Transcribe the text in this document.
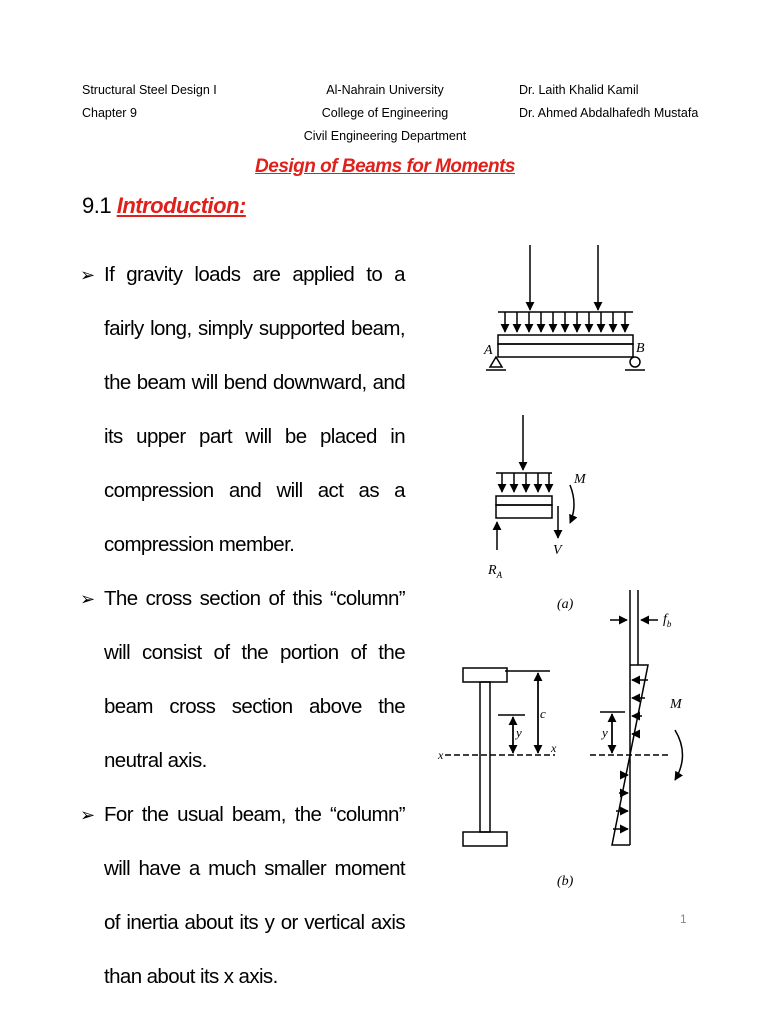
Structural Steel Design I
Chapter 9
Al-Nahrain University
College of Engineering
Civil Engineering Department
Dr. Laith Khalid Kamil
Dr. Ahmed Abdalhafedh Mustafa
Design of Beams for Moments
9.1 Introduction:
➢ If gravity loads are applied to a fairly long, simply supported beam, the beam will bend downward, and its upper part will be placed in compression and will act as a compression member.
➢ The cross section of this “column” will consist of the portion of the beam cross section above the neutral axis.
➢ For the usual beam, the “column” will have a much smaller moment of inertia about its y or vertical axis than about its x axis.
A	B
M
V
$R_A$
(a)
c
y
x	x
$f_b$
y
M
(b)
1
